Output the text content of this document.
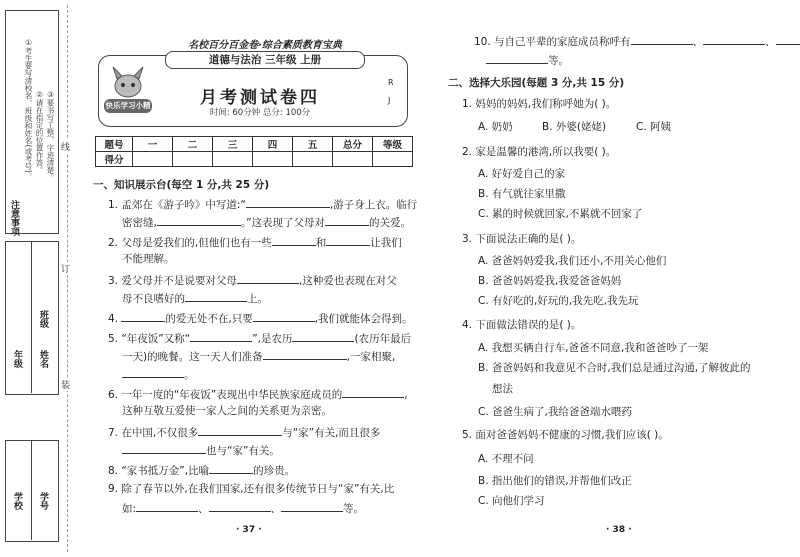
注意事项
①考生要写清校名、班级和姓名(或考号)。 ②请在指定的位置作答。 ③要书写工整、字迹清楚。
班级
年级 姓名
学校 学号
线
订
装
名校百分百金卷·综合素质教育宝典
道德与法治 三年级 上册
快乐学习小精灵
月考测试卷四
时间: 60分钟 总分: 100分
R
J
题号	一	二	三	四	五	总分	等级
得分							
一、知识展示台(每空 1 分,共 25 分)
1. 孟郊在《游子吟》中写道:“	,游子身上衣。临行
密密缝,	。”这表现了父母对	的关爱。
2. 父母是爱我们的,但他们也有一些	和	让我们
不能理解。
3. 爱父母并不是说要对父母	,这种爱也表现在对父
母不良嗜好的	上。
4.	的爱无处不在,只要	,我们就能体会得到。
5. “年夜饭”又称“	”,是农历	(农历年最后
一天)的晚餐。这一天人们准备	,一家相聚,
。
6. 一年一度的“年夜饭”表现出中华民族家庭成员的	,
这种互敬互爱使一家人之间的关系更为亲密。
7. 在中国,不仅很多	与“家”有关,而且很多
也与“家”有关。
8. “家书抵万金”,比喻	的珍贵。
9. 除了春节以外,在我们国家,还有很多传统节日与“家”有关,比
如:	、	、	等。
10. 与自己平辈的家庭成员称呼有	、	、
等。
二、选择大乐园(每题 3 分,共 15 分)
1. 妈妈的妈妈,我们称呼她为( )。
A. 奶奶	B. 外婆(姥姥)	C. 阿姨
2. 家是温馨的港湾,所以我要( )。
A. 好好爱自己的家
B. 有气就往家里撒
C. 累的时候就回家,不累就不回家了
3. 下面说法正确的是( )。
A. 爸爸妈妈爱我,我们还小,不用关心他们
B. 爸爸妈妈爱我,我爱爸爸妈妈
C. 有好吃的,好玩的,我先吃,我先玩
4. 下面做法错误的是( )。
A. 我想买辆自行车,爸爸不同意,我和爸爸吵了一架
B. 爸爸妈妈和我意见不合时,我们总是通过沟通,了解彼此的
想法
C. 爸爸生病了,我给爸爸端水喂药
5. 面对爸爸妈妈不健康的习惯,我们应该( )。
A. 不理不问
B. 指出他们的错误,并帮他们改正
C. 向他们学习
· 37 ·	· 38 ·
